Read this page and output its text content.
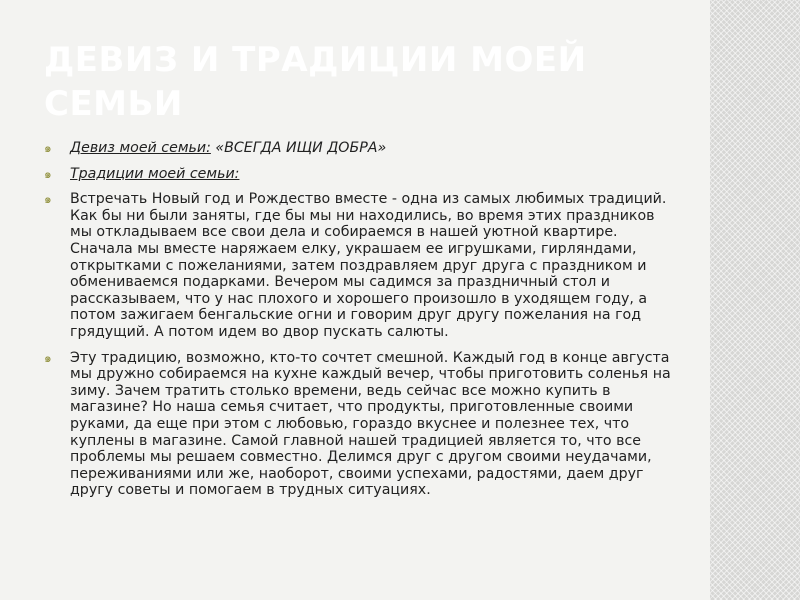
ДЕВИЗ И ТРАДИЦИИ МОЕЙ СЕМЬИ
๑	Девиз моей семьи: «ВСЕГДА ИЩИ ДОБРА»
๑	Традиции моей семьи:
๑	Встречать Новый год и Рождество вместе - одна из самых любимых традиций. Как бы ни были заняты, где бы мы ни находились, во время этих праздников мы откладываем все свои дела и собираемся в нашей уютной квартире. Сначала мы вместе наряжаем елку, украшаем ее игрушками, гирляндами, открытками с пожеланиями, затем поздравляем друг друга с праздником и обмениваемся подарками. Вечером мы садимся за праздничный стол и рассказываем, что у нас плохого и хорошего произошло в уходящем году, а потом зажигаем бенгальские огни и говорим друг другу пожелания на год грядущий. А потом идем во двор пускать салюты.
๑	Эту традицию, возможно, кто-то сочтет смешной. Каждый год в конце августа мы дружно собираемся на кухне каждый вечер, чтобы приготовить соленья на зиму. Зачем тратить столько времени, ведь сейчас все можно купить в магазине? Но наша семья считает, что продукты, приготовленные своими руками, да еще при этом с любовью, гораздо вкуснее и полезнее тех, что куплены в магазине. Самой главной нашей традицией является то, что все проблемы мы решаем совместно. Делимся друг с другом своими неудачами, переживаниями или же, наоборот, своими успехами, радостями, даем друг другу советы и помогаем в трудных ситуациях.
